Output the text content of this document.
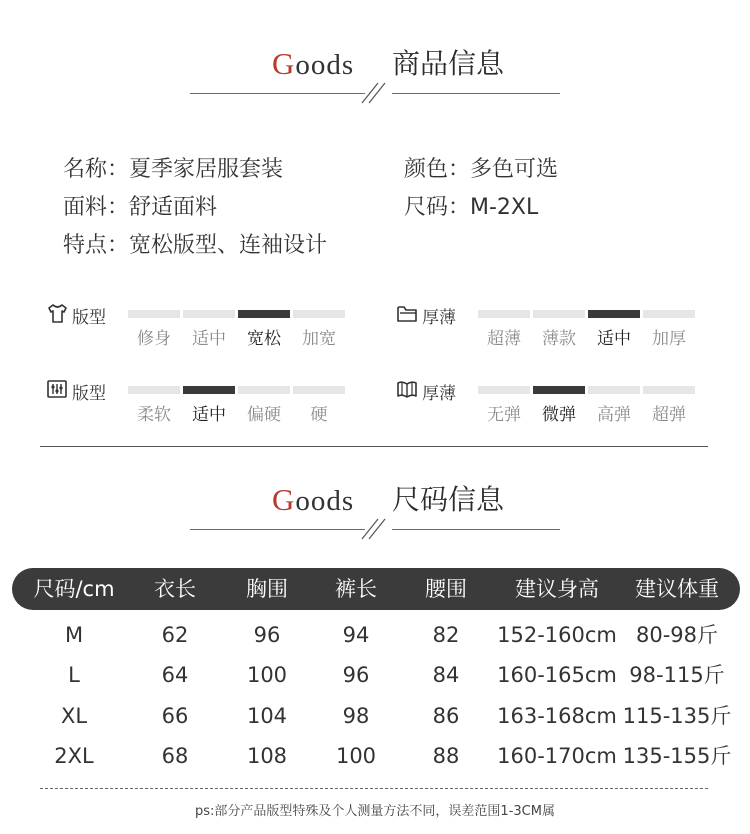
Goods 商品信息
名称：夏季家居服套装	颜色：多色可选
面料：舒适面料	尺码：M-2XL
特点：宽松版型、连袖设计
版型
修身	适中	宽松	加宽
厚薄
超薄	薄款	适中	加厚
版型
柔软	适中	偏硬	硬
厚薄
无弹	微弹	高弹	超弹
Goods 尺码信息
尺码/cm	衣长	胸围	裤长	腰围	建议身高	建议体重
M	62	96	94	82	152-160cm 80-98斤
L	64	100	96	84	160-165cm 98-115斤
XL	66	104	98	86	163-168cm 115-135斤
2XL	68	108	100	88	160-170cm 135-155斤
ps:部分产品版型特殊及个人测量方法不同，误差范围1-3CM属
